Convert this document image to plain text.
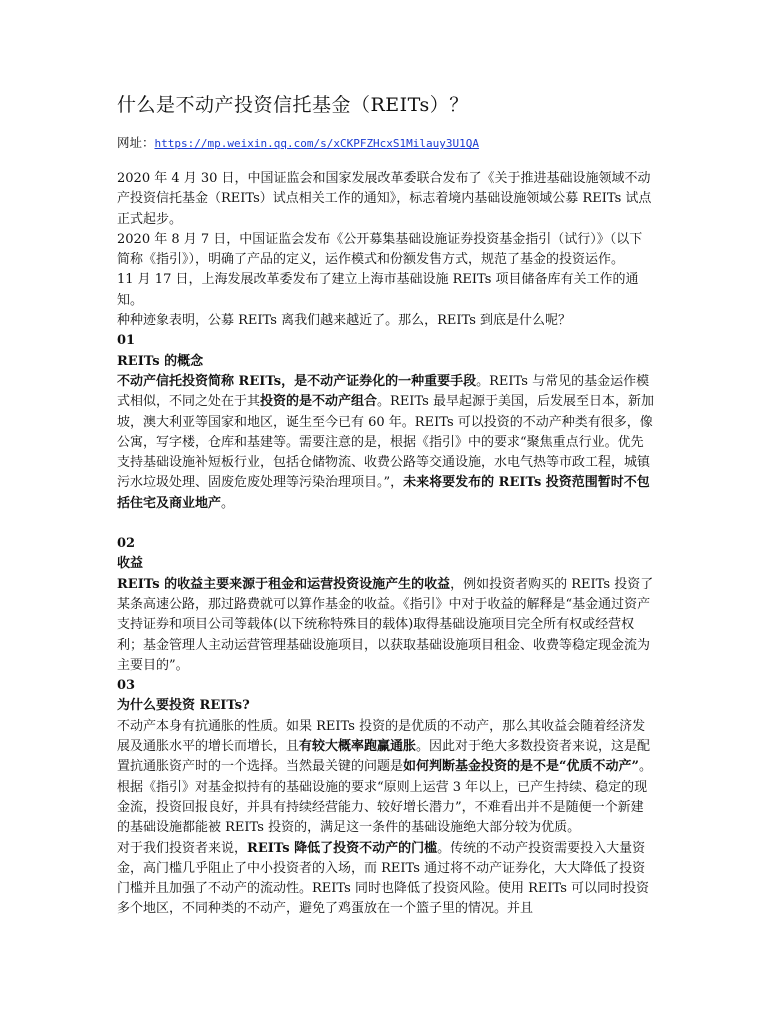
什么是不动产投资信托基金（REITs）？
网址：https://mp.weixin.qq.com/s/xCKPFZHcxS1Milauy3U1QA

2020 年 4 月 30 日，中国证监会和国家发展改革委联合发布了《关于推进基础设施领域不动产投资信托基金（REITs）试点相关工作的通知》，标志着境内基础设施领域公募 REITs 试点正式起步。

2020 年 8 月 7 日，中国证监会发布《公开募集基础设施证券投资基金指引（试行）》（以下简称《指引》），明确了产品的定义，运作模式和份额发售方式，规范了基金的投资运作。

11 月 17 日，上海发展改革委发布了建立上海市基础设施 REITs 项目储备库有关工作的通知。

种种迹象表明，公募 REITs 离我们越来越近了。那么，REITs 到底是什么呢？

01

REITs 的概念

不动产信托投资简称 REITs，是不动产证券化的一种重要手段。REITs 与常见的基金运作模式相似，不同之处在于其投资的是不动产组合。REITs 最早起源于美国，后发展至日本，新加坡，澳大利亚等国家和地区，诞生至今已有 60 年。REITs 可以投资的不动产种类有很多，像公寓，写字楼，仓库和基建等。需要注意的是，根据《指引》中的要求“聚焦重点行业。优先支持基础设施补短板行业，包括仓储物流、收费公路等交通设施，水电气热等市政工程，城镇污水垃圾处理、固废危废处理等污染治理项目。”，未来将要发布的 REITs 投资范围暂时不包括住宅及商业地产。

02

收益

REITs 的收益主要来源于租金和运营投资设施产生的收益，例如投资者购买的 REITs 投资了某条高速公路，那过路费就可以算作基金的收益。《指引》中对于收益的解释是“基金通过资产支持证券和项目公司等载体(以下统称特殊目的载体)取得基础设施项目完全所有权或经营权利；基金管理人主动运营管理基础设施项目，以获取基础设施项目租金、收费等稳定现金流为主要目的”。

03

为什么要投资 REITs?

不动产本身有抗通胀的性质。如果 REITs 投资的是优质的不动产，那么其收益会随着经济发展及通胀水平的增长而增长，且有较大概率跑赢通胀。因此对于绝大多数投资者来说，这是配置抗通胀资产时的一个选择。当然最关键的问题是如何判断基金投资的是不是“优质不动产”。根据《指引》对基金拟持有的基础设施的要求“原则上运营 3 年以上，已产生持续、稳定的现金流，投资回报良好，并具有持续经营能力、较好增长潜力”，不难看出并不是随便一个新建的基础设施都能被 REITs 投资的，满足这一条件的基础设施绝大部分较为优质。

对于我们投资者来说，REITs 降低了投资不动产的门槛。传统的不动产投资需要投入大量资金，高门槛几乎阻止了中小投资者的入场，而 REITs 通过将不动产证券化，大大降低了投资门槛并且加强了不动产的流动性。REITs 同时也降低了投资风险。使用 REITs 可以同时投资多个地区，不同种类的不动产，避免了鸡蛋放在一个篮子里的情况。并且
